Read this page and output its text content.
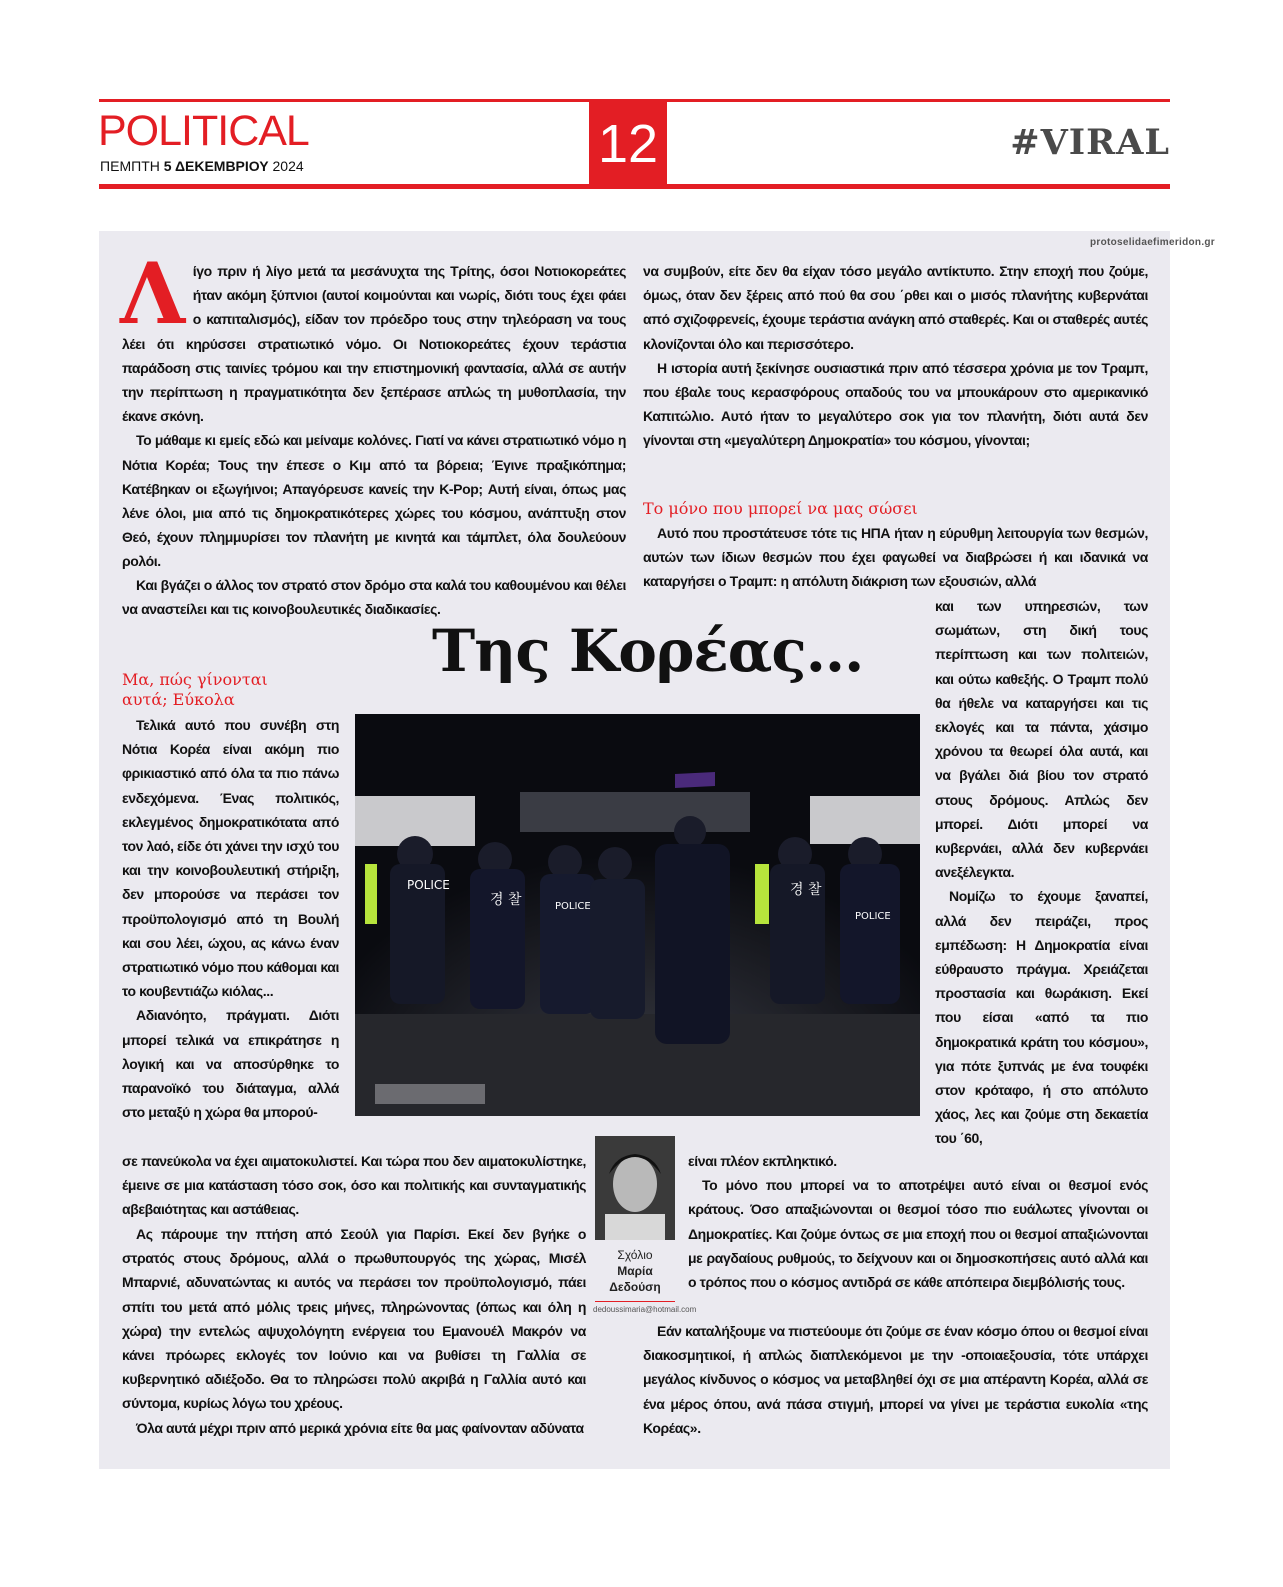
POLITICAL
ΠΕΜΠΤΗ 5 ΔΕΚΕΜΒΡΙΟΥ 2024	12	#VIRAL
protoselidaefimeridon.gr

Λίγο πριν ή λίγο μετά τα μεσάνυχτα της Τρίτης, όσοι Νοτιοκορεάτες ήταν ακόμη ξύπνιοι (αυτοί κοιμούνται και νωρίς, διότι τους έχει φάει ο καπιταλισμός), είδαν τον πρόεδρο τους στην τηλεόραση να τους λέει ότι κηρύσσει στρατιωτικό νόμο. Οι Νοτιοκορεάτες έχουν τεράστια παράδοση στις ταινίες τρόμου και την επιστημονική φαντασία, αλλά σε αυτήν την περίπτωση η πραγματικότητα δεν ξεπέρασε απλώς τη μυθοπλασία, την έκανε σκόνη.

Το μάθαμε κι εμείς εδώ και μείναμε κολόνες. Γιατί να κάνει στρατιωτικό νόμο η Νότια Κορέα; Τους την έπεσε ο Κιμ από τα βόρεια; Έγινε πραξικόπημα; Κατέβηκαν οι εξωγήινοι; Απαγόρευσε κανείς την K-Pop; Αυτή είναι, όπως μας λένε όλοι, μια από τις δημοκρατικότερες χώρες του κόσμου, ανάπτυξη στον Θεό, έχουν πλημμυρίσει τον πλανήτη με κινητά και τάμπλετ, όλα δουλεύουν ρολόι.

Και βγάζει ο άλλος τον στρατό στον δρόμο στα καλά του καθουμένου και θέλει να αναστείλει και τις κοινοβουλευτικές διαδικασίες.

Μα, πώς γίνονται
αυτά; Εύκολα

Τελικά αυτό που συνέβη στη Νότια Κορέα είναι ακόμη πιο φρικιαστικό από όλα τα πιο πάνω ενδεχόμενα. Ένας πολιτικός, εκλεγμένος δημοκρατικότατα από τον λαό, είδε ότι χάνει την ισχύ του και την κοινοβουλευτική στήριξη, δεν μπορούσε να περάσει τον προϋπολογισμό από τη Βουλή και σου λέει, ώχου, ας κάνω έναν στρατιωτικό νόμο που κάθομαι και το κουβεντιάζω κιόλας...

Αδιανόητο, πράγματι. Διότι μπορεί τελικά να επικράτησε η λογική και να αποσύρθηκε το παρανοϊκό του διάταγμα, αλλά στο μεταξύ η χώρα θα μπορού-

σε πανεύκολα να έχει αιματοκυλιστεί. Και τώρα που δεν αιματοκυλίστηκε, έμεινε σε μια κατάσταση τόσο σοκ, όσο και πολιτικής και συνταγματικής αβεβαιότητας και αστάθειας.

Ας πάρουμε την πτήση από Σεούλ για Παρίσι. Εκεί δεν βγήκε ο στρατός στους δρόμους, αλλά ο πρωθυπουργός της χώρας, Μισέλ Μπαρνιέ, αδυνατώντας κι αυτός να περάσει τον προϋπολογισμό, πάει σπίτι του μετά από μόλις τρεις μήνες, πληρώνοντας (όπως και όλη η χώρα) την εντελώς αψυχολόγητη ενέργεια του Εμανουέλ Μακρόν να κάνει πρόωρες εκλογές τον Ιούνιο και να βυθίσει τη Γαλλία σε κυβερνητικό αδιέξοδο. Θα το πληρώσει πολύ ακριβά η Γαλλία αυτό και σύντομα, κυρίως λόγω του χρέους.

Όλα αυτά μέχρι πριν από μερικά χρόνια είτε θα μας φαίνονταν αδύνατα

να συμβούν, είτε δεν θα είχαν τόσο μεγάλο αντίκτυπο. Στην εποχή που ζούμε, όμως, όταν δεν ξέρεις από πού θα σου ΄ρθει και ο μισός πλανήτης κυβερνάται από σχιζοφρενείς, έχουμε τεράστια ανάγκη από σταθερές. Και οι σταθερές αυτές κλονίζονται όλο και περισσότερο.

Η ιστορία αυτή ξεκίνησε ουσιαστικά πριν από τέσσερα χρόνια με τον Τραμπ, που έβαλε τους κερασφόρους οπαδούς του να μπουκάρουν στο αμερικανικό Καπιτώλιο. Αυτό ήταν το μεγαλύτερο σοκ για τον πλανήτη, διότι αυτά δεν γίνονται στη «μεγαλύτερη Δημοκρατία» του κόσμου, γίνονται;

Το μόνο που μπορεί να μας σώσει

Αυτό που προστάτευσε τότε τις ΗΠΑ ήταν η εύρυθμη λειτουργία των θεσμών, αυτών των ίδιων θεσμών που έχει φαγωθεί να διαβρώσει ή και ιδανικά να καταργήσει ο Τραμπ: η απόλυτη διάκριση των εξουσιών, αλλά

και των υπηρεσιών, των σωμάτων, στη δική τους περίπτωση και των πολιτειών, και ούτω καθεξής. Ο Τραμπ πολύ θα ήθελε να καταργήσει και τις εκλογές και τα πάντα, χάσιμο χρόνου τα θεωρεί όλα αυτά, και να βγάλει διά βίου τον στρατό στους δρόμους. Απλώς δεν μπορεί. Διότι μπορεί να κυβερνάει, αλλά δεν κυβερνάει ανεξέλεγκτα.

Νομίζω το έχουμε ξαναπεί, αλλά δεν πειράζει, προς εμπέδωση: Η Δημοκρατία είναι εύθραυστο πράγμα. Χρειάζεται προστασία και θωράκιση. Εκεί που είσαι «από τα πιο δημοκρατικά κράτη του κόσμου», για πότε ξυπνάς με ένα τουφέκι στον κρόταφο, ή στο απόλυτο χάος, λες και ζούμε στη δεκαετία του ΄60,

είναι πλέον εκπληκτικό.

Το μόνο που μπορεί να το αποτρέψει αυτό είναι οι θεσμοί ενός κράτους. Όσο απαξιώνονται οι θεσμοί τόσο πιο ευάλωτες γίνονται οι Δημοκρατίες. Και ζούμε όντως σε μια εποχή που οι θεσμοί απαξιώνονται με ραγδαίους ρυθμούς, το δείχνουν και οι δημοσκοπήσεις αυτό αλλά και ο τρόπος που ο κόσμος αντιδρά σε κάθε απόπειρα διεμβόλισής τους.

Εάν καταλήξουμε να πιστεύουμε ότι ζούμε σε έναν κόσμο όπου οι θεσμοί είναι διακοσμητικοί, ή απλώς διαπλεκόμενοι με την -οποιαεξουσία, τότε υπάρχει μεγάλος κίνδυνος ο κόσμος να μεταβληθεί όχι σε μια απέραντη Κορέα, αλλά σε ένα μέρος όπου, ανά πάσα στιγμή, μπορεί να γίνει με τεράστια ευκολία «της Κορέας».

Της Κορέας...
POLICE
경 찰	POLICE
경 찰
POLICE
Σχόλιο
Μαρία
Δεδούση
dedoussimaria@hotmail.com
